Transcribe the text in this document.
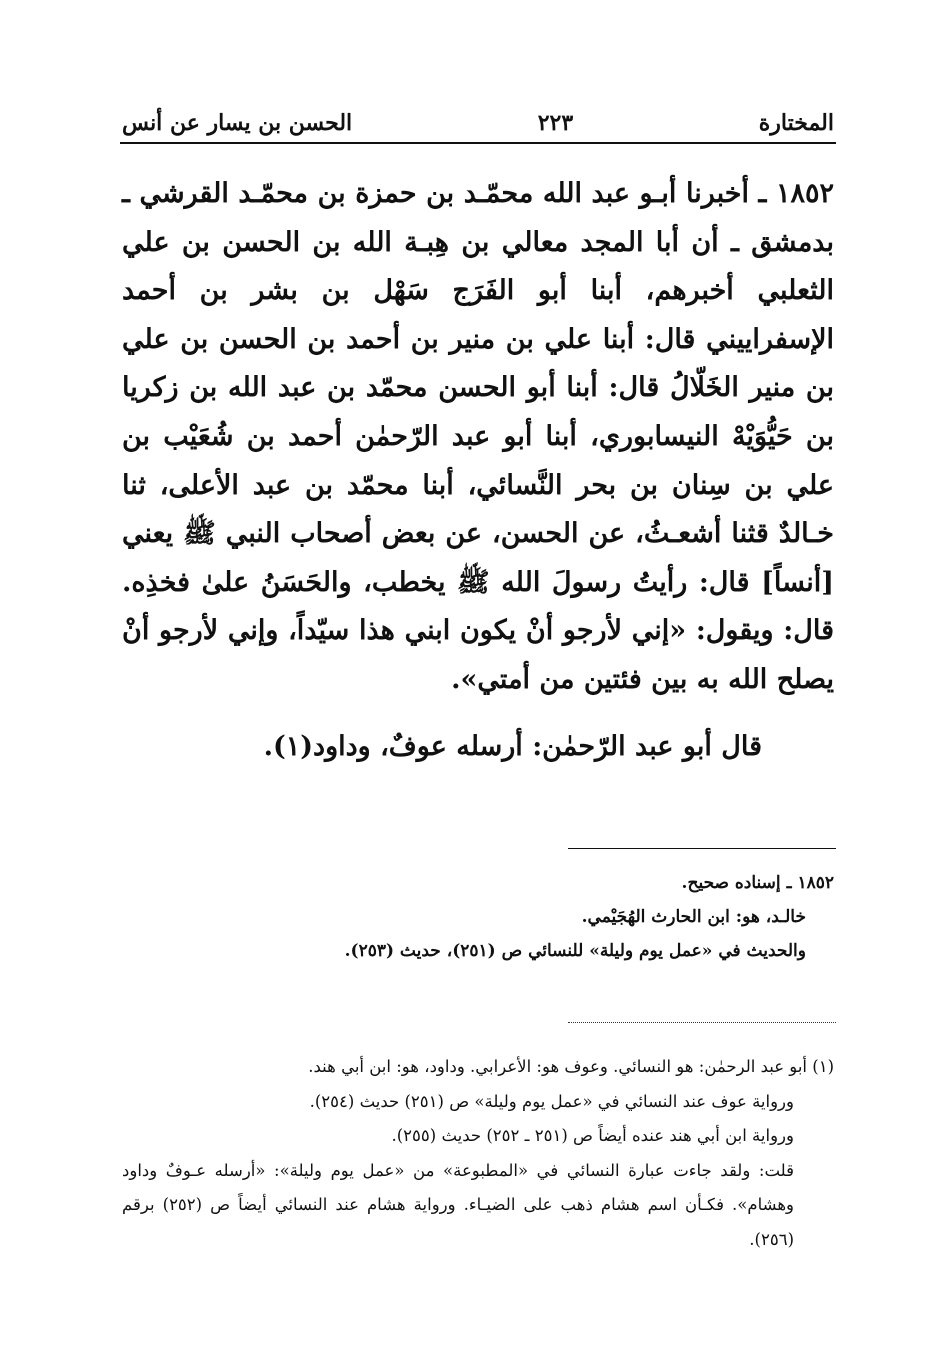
المختارة
٢٢٣
الحسن بن يسار عن أنس

١٨٥٢ ـ أخبرنا أبـو عبد الله محمّـد بن حمزة بن محمّـد القرشي ـ بدمشق ـ أن أبا المجد معالي بن هِبـة الله بن الحسن بن علي الثعلبي أخبرهم، أبنا أبو الفَرَج سَهْل بن بشر بن أحمد الإسفراييني قال: أبنا علي بن منير بن أحمد بن الحسن بن علي بن منير الخَلّالُ قال: أبنا أبو الحسن محمّد بن عبد الله بن زكريا بن حَيُّوَيْهْ النيسابوري، أبنا أبو عبد الرّحمٰن أحمد بن شُعَيْب بن علي بن سِنان بن بحر النَّسائي، أبنا محمّد بن عبد الأعلى، ثنا خـالدٌ قثنا أشعـثُ، عن الحسن، عن بعض أصحاب النبي ﷺ يعني [أنساً] قال: رأيتُ رسولَ الله ﷺ يخطب، والحَسَنُ علىٰ فخذِه. قال: ويقول: «إني لأرجو أنْ يكون ابني هذا سيّداً، وإني لأرجو أنْ يصلح الله به بين فئتين من أمتي».

قال أبو عبد الرّحمٰن: أرسله عوفٌ، وداود(١).

١٨٥٢ ـ إسناده صحيح.

خالـد، هو: ابن الحارث الهُجَيْمي.

والحديث في «عمل يوم وليلة» للنسائي ص (٢٥١)، حديث (٢٥٣).

(١) أبو عبد الرحمٰن: هو النسائي. وعوف هو: الأعرابي. وداود، هو: ابن أبي هند.

ورواية عوف عند النسائي في «عمل يوم وليلة» ص (٢٥١) حديث (٢٥٤).

ورواية ابن أبي هند عنده أيضاً ص (٢٥١ ـ ٢٥٢) حديث (٢٥٥).

قلت: ولقد جاءت عبارة النسائي في «المطبوعة» من «عمل يوم وليلة»: «أرسله عـوفٌ وداود وهشام». فكـأن اسم هشام ذهب على الضيـاء. ورواية هشام عند النسائي أيضاً ص (٢٥٢) برقم (٢٥٦).
